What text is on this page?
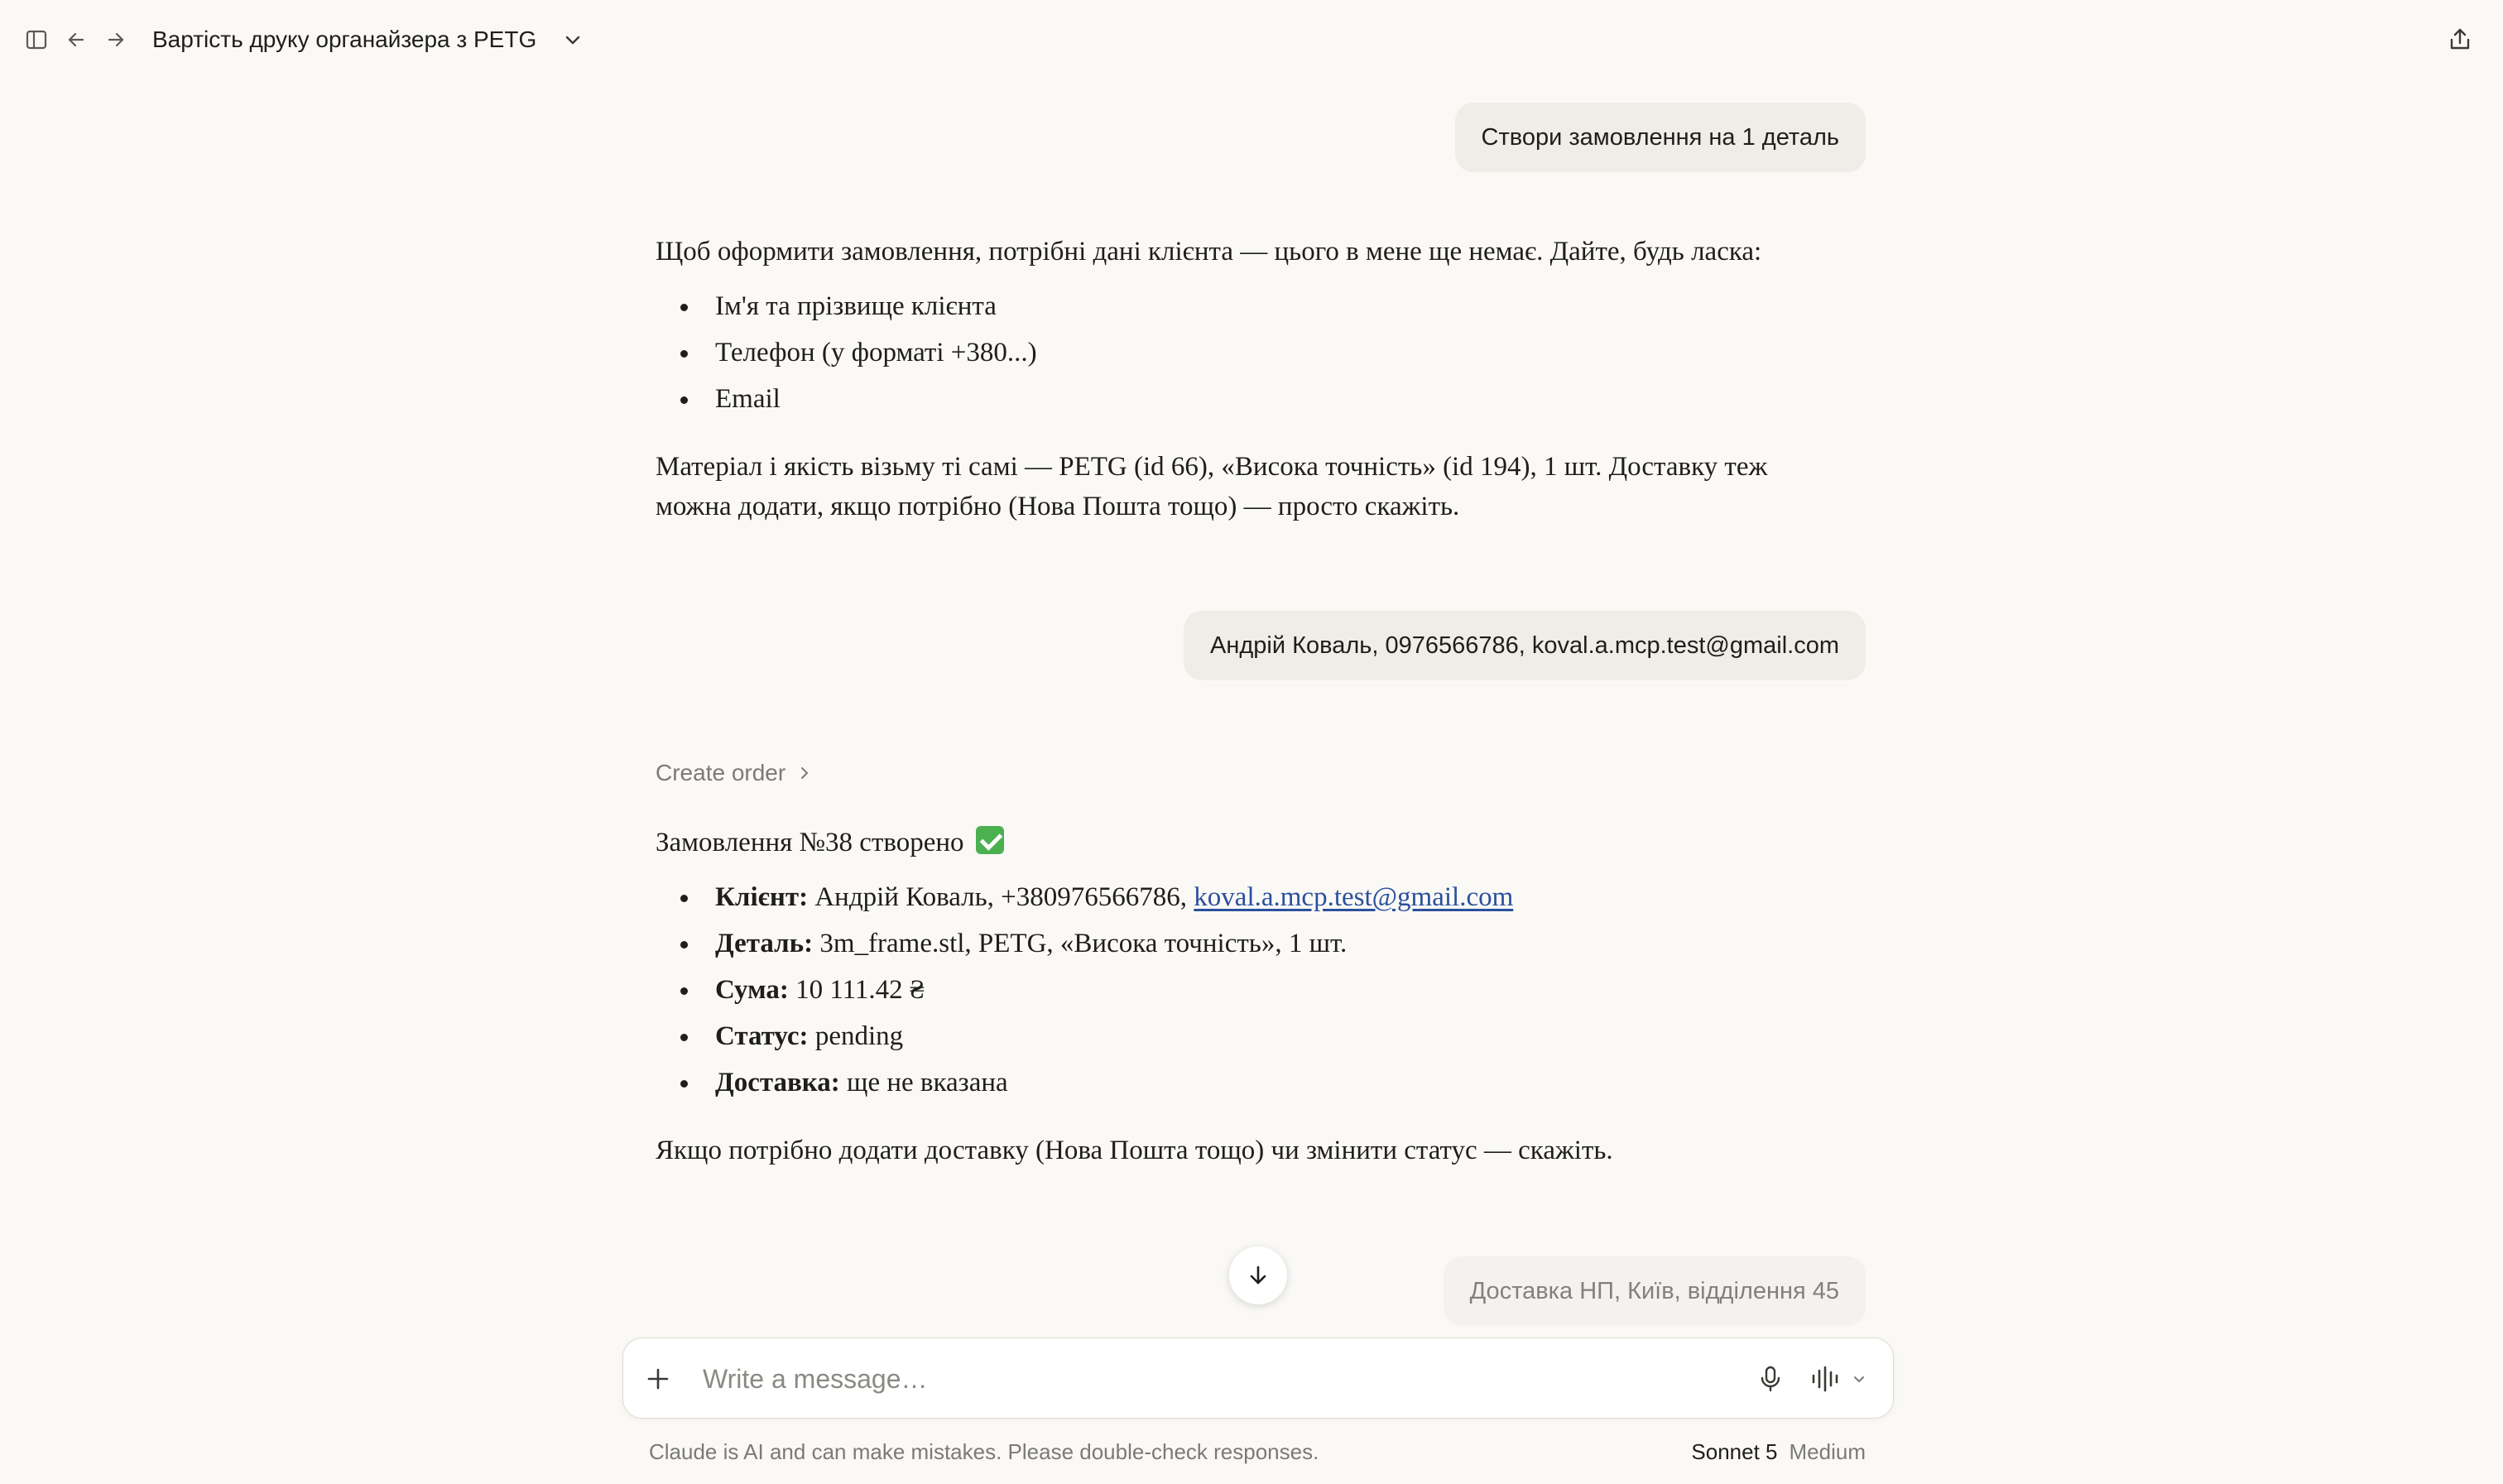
Вартість друку органайзера з PETG
Створи замовлення на 1 деталь

Щоб оформити замовлення, потрібні дані клієнта — цього в мене ще немає. Дайте, будь ласка:

Ім'я та прізвище клієнта
Телефон (у форматі +380...)
Email

Матеріал і якість візьму ті самі — PETG (id 66), «Висока точність» (id 194), 1 шт. Доставку теж

можна додати, якщо потрібно (Нова Пошта тощо) — просто скажіть.

Андрій Коваль, 0976566786, koval.a.mcp.test@gmail.com
Create order

Замовлення №38 створено

Клієнт: Андрій Коваль, +380976566786, koval.a.mcp.test@gmail.com
Деталь: 3m_frame.stl, PETG, «Висока точність», 1 шт.
Сума: 10 111.42 ₴
Статус: pending
Доставка: ще не вказана

Якщо потрібно додати доставку (Нова Пошта тощо) чи змінити статус — скажіть.

Доставка НП, Київ, відділення 45
Write a message…
Claude is AI and can make mistakes. Please double-check responses.	Sonnet 5 Medium
